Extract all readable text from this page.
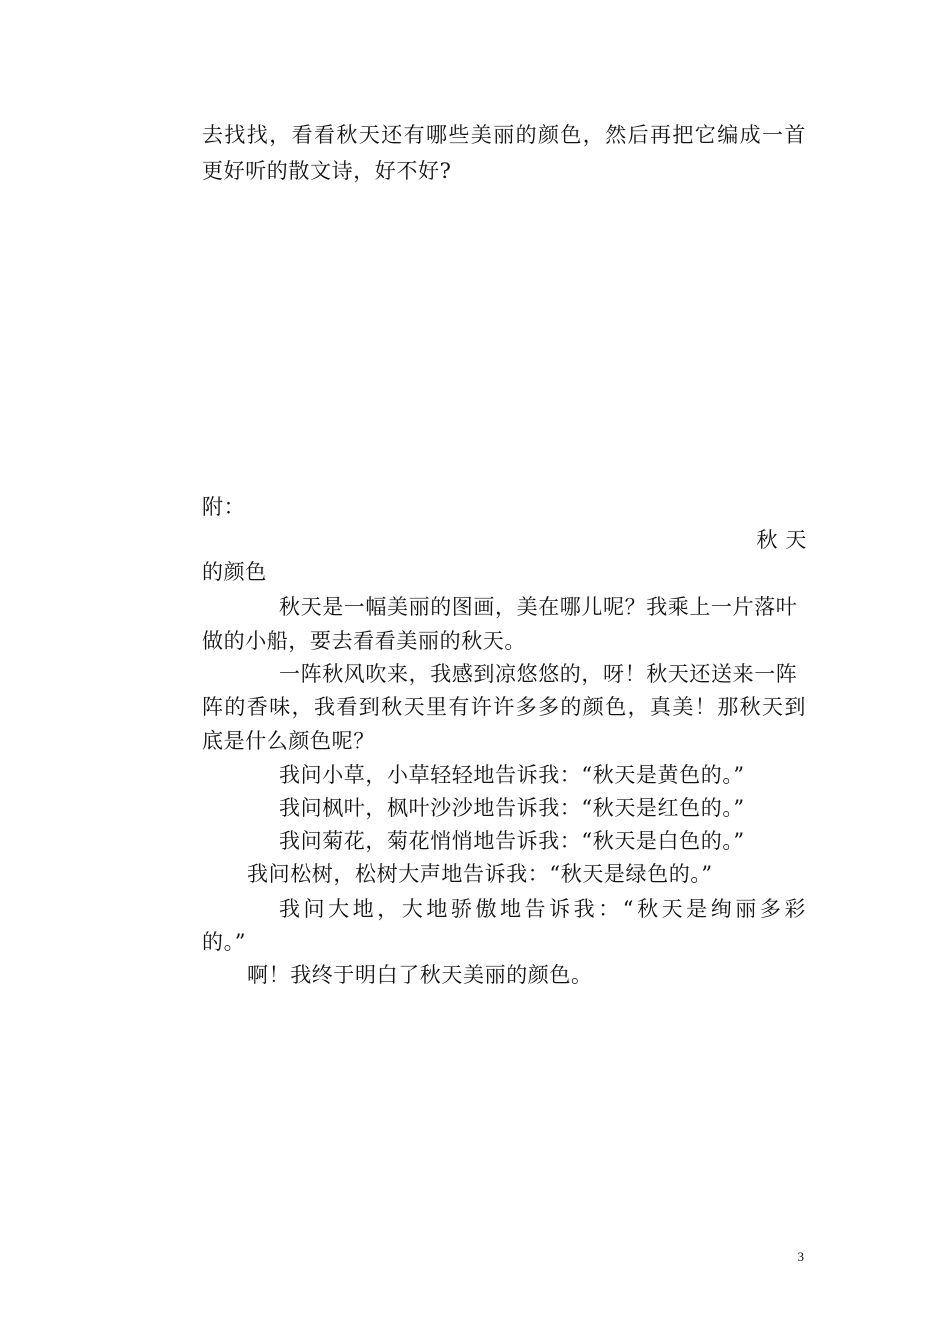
去找找，看看秋天还有哪些美丽的颜色，然后再把它编成一首
更好听的散文诗，好不好?
附：
秋 天
的颜色
秋天是一幅美丽的图画，美在哪儿呢？我乘上一片落叶
做的小船，要去看看美丽的秋天。
一阵秋风吹来，我感到凉悠悠的，呀！秋天还送来一阵
阵的香味，我看到秋天里有许许多多的颜色，真美！那秋天到
底是什么颜色呢？
我问小草，小草轻轻地告诉我：“秋天是黄色的。”
我问枫叶，枫叶沙沙地告诉我：“秋天是红色的。”
我问菊花，菊花悄悄地告诉我：“秋天是白色的。”
我问松树，松树大声地告诉我：“秋天是绿色的。”
我问大地，大地骄傲地告诉我：“秋天是绚丽多彩
的。”
啊！我终于明白了秋天美丽的颜色。
3
